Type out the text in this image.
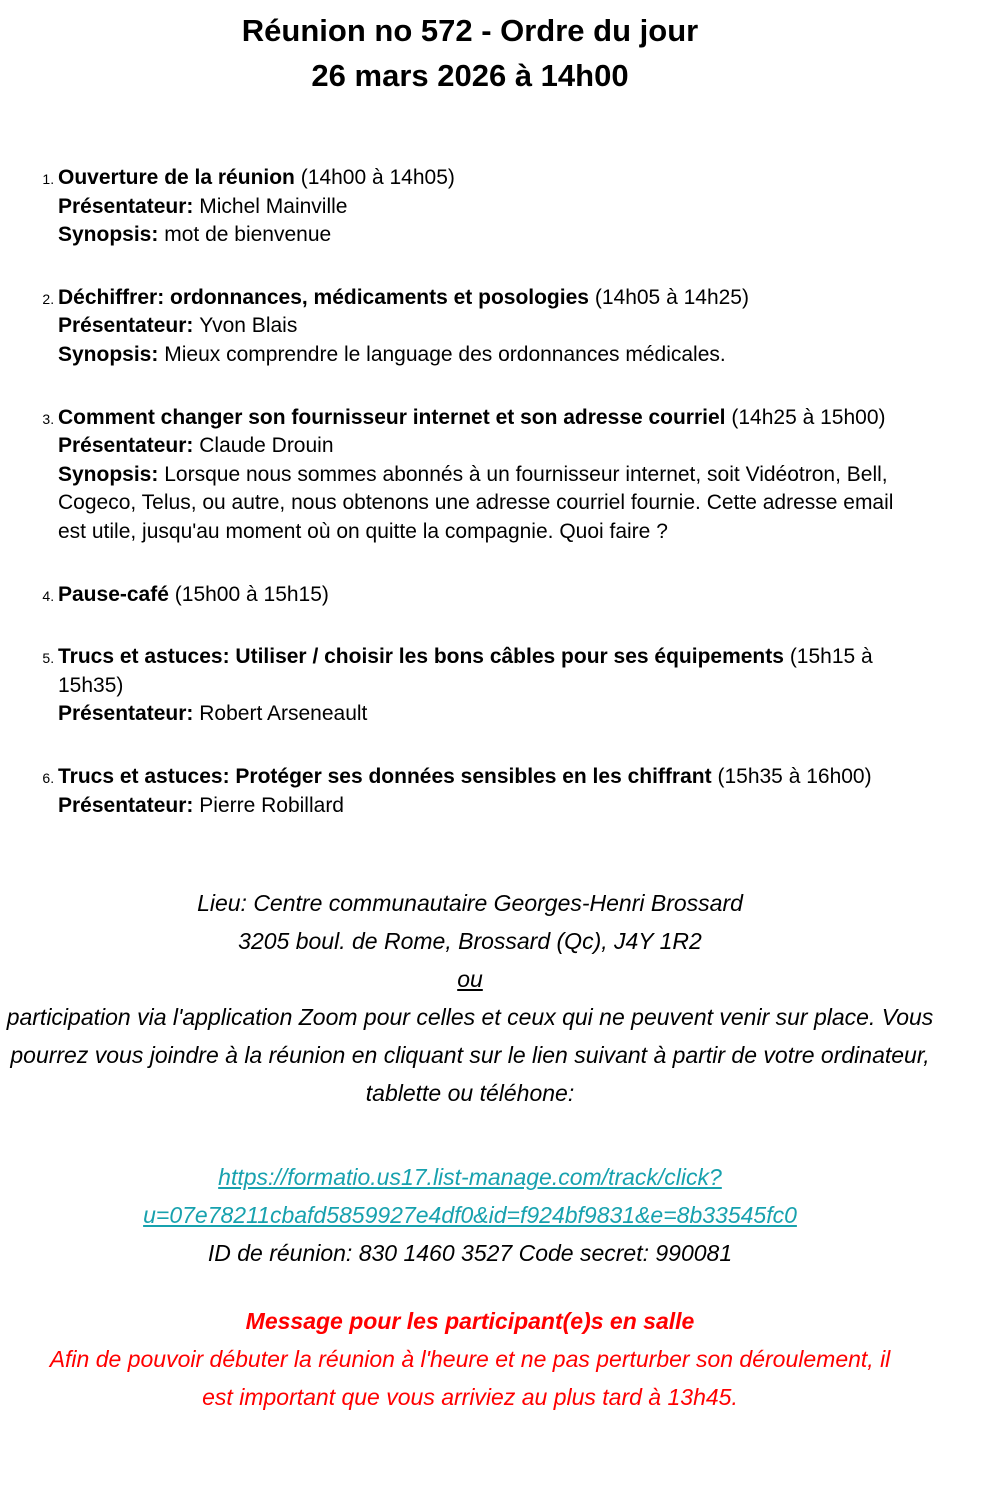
Réunion no 572 - Ordre du jour
26 mars 2026 à 14h00
1. Ouverture de la réunion (14h00 à 14h05)
Présentateur: Michel Mainville
Synopsis: mot de bienvenue
2. Déchiffrer: ordonnances, médicaments et posologies (14h05 à 14h25)
Présentateur: Yvon Blais
Synopsis: Mieux comprendre le language des ordonnances médicales.
3. Comment changer son fournisseur internet et son adresse courriel (14h25 à 15h00)
Présentateur: Claude Drouin
Synopsis: Lorsque nous sommes abonnés à un fournisseur internet, soit Vidéotron, Bell, Cogeco, Telus, ou autre, nous obtenons une adresse courriel fournie. Cette adresse email est utile, jusqu'au moment où on quitte la compagnie. Quoi faire ?
4. Pause-café (15h00 à 15h15)
5. Trucs et astuces: Utiliser / choisir les bons câbles pour ses équipements (15h15 à 15h35)
Présentateur: Robert Arseneault
6. Trucs et astuces: Protéger ses données sensibles en les chiffrant (15h35 à 16h00)
Présentateur: Pierre Robillard
Lieu: Centre communautaire Georges-Henri Brossard
3205 boul. de Rome, Brossard (Qc), J4Y 1R2
ou
participation via l'application Zoom pour celles et ceux qui ne peuvent venir sur place. Vous pourrez vous joindre à la réunion en cliquant sur le lien suivant à partir de votre ordinateur, tablette ou téléhone:
https://formatio.us17.list-manage.com/track/click?
u=07e78211cbafd5859927e4df0&id=f924bf9831&e=8b33545fc0
ID de réunion: 830 1460 3527 Code secret: 990081
Message pour les participant(e)s en salle
Afin de pouvoir débuter la réunion à l'heure et ne pas perturber son déroulement, il est important que vous arriviez au plus tard à 13h45.
